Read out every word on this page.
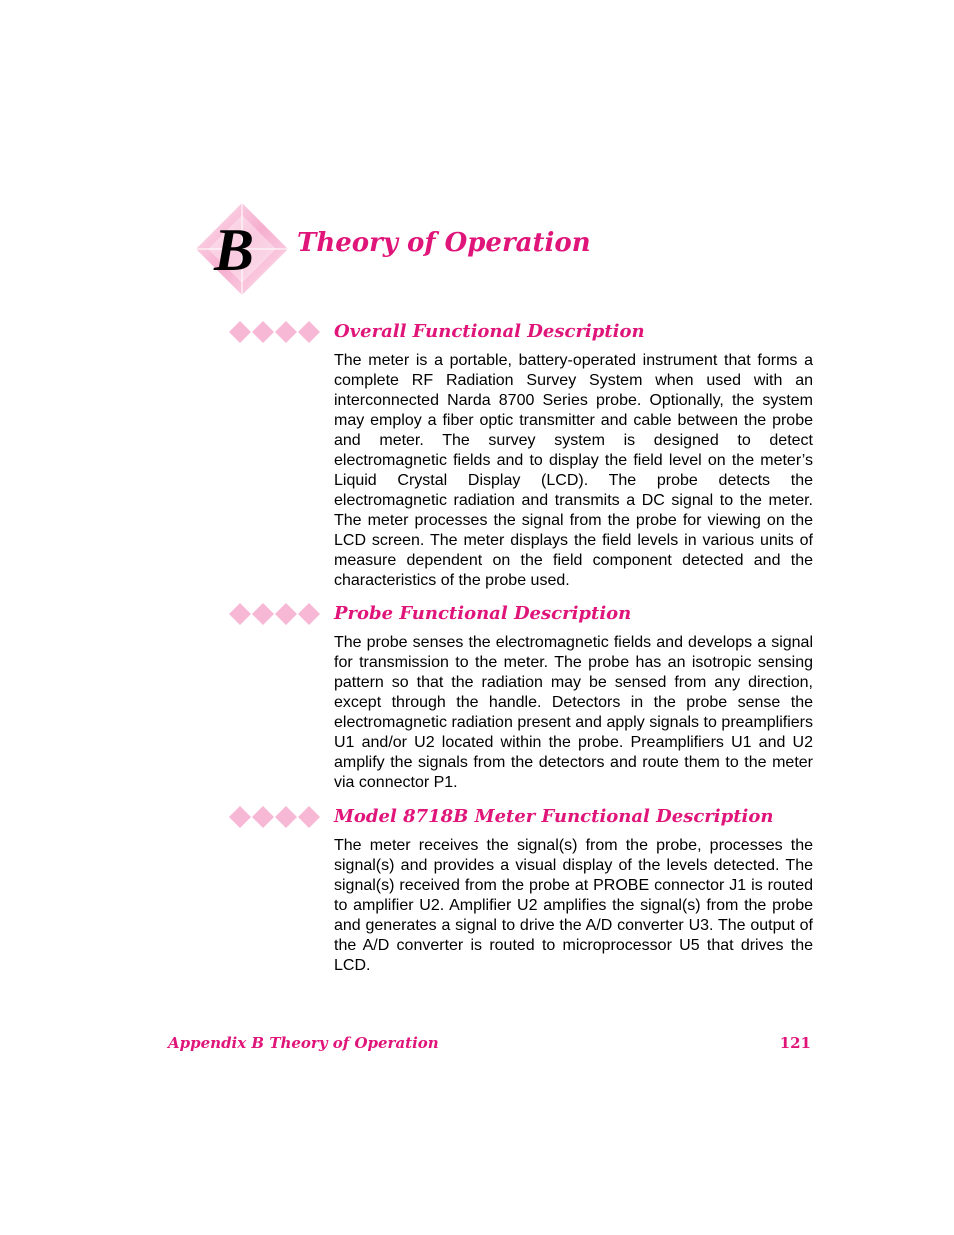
B Theory of Operation
Overall Functional Description
The meter is a portable, battery-operated instrument that forms a complete RF Radiation Survey System when used with an interconnected Narda 8700 Series probe. Optionally, the system may employ a fiber optic transmitter and cable between the probe and meter. The survey system is designed to detect electromagnetic fields and to display the field level on the meter’s Liquid Crystal Display (LCD). The probe detects the electromagnetic radiation and transmits a DC signal to the meter. The meter processes the signal from the probe for viewing on the LCD screen. The meter displays the field levels in various units of measure dependent on the field component detected and the characteristics of the probe used.
Probe Functional Description
The probe senses the electromagnetic fields and develops a signal for transmission to the meter. The probe has an isotropic sensing pattern so that the radiation may be sensed from any direction, except through the handle. Detectors in the probe sense the electromagnetic radiation present and apply signals to preamplifiers U1 and/or U2 located within the probe. Preamplifiers U1 and U2 amplify the signals from the detectors and route them to the meter via connector P1.
Model 8718B Meter Functional Description
The meter receives the signal(s) from the probe, processes the signal(s) and provides a visual display of the levels detected. The signal(s) received from the probe at PROBE connector J1 is routed to amplifier U2. Amplifier U2 amplifies the signal(s) from the probe and generates a signal to drive the A/D converter U3. The output of the A/D converter is routed to microprocessor U5 that drives the LCD.
Appendix B Theory of Operation	121
